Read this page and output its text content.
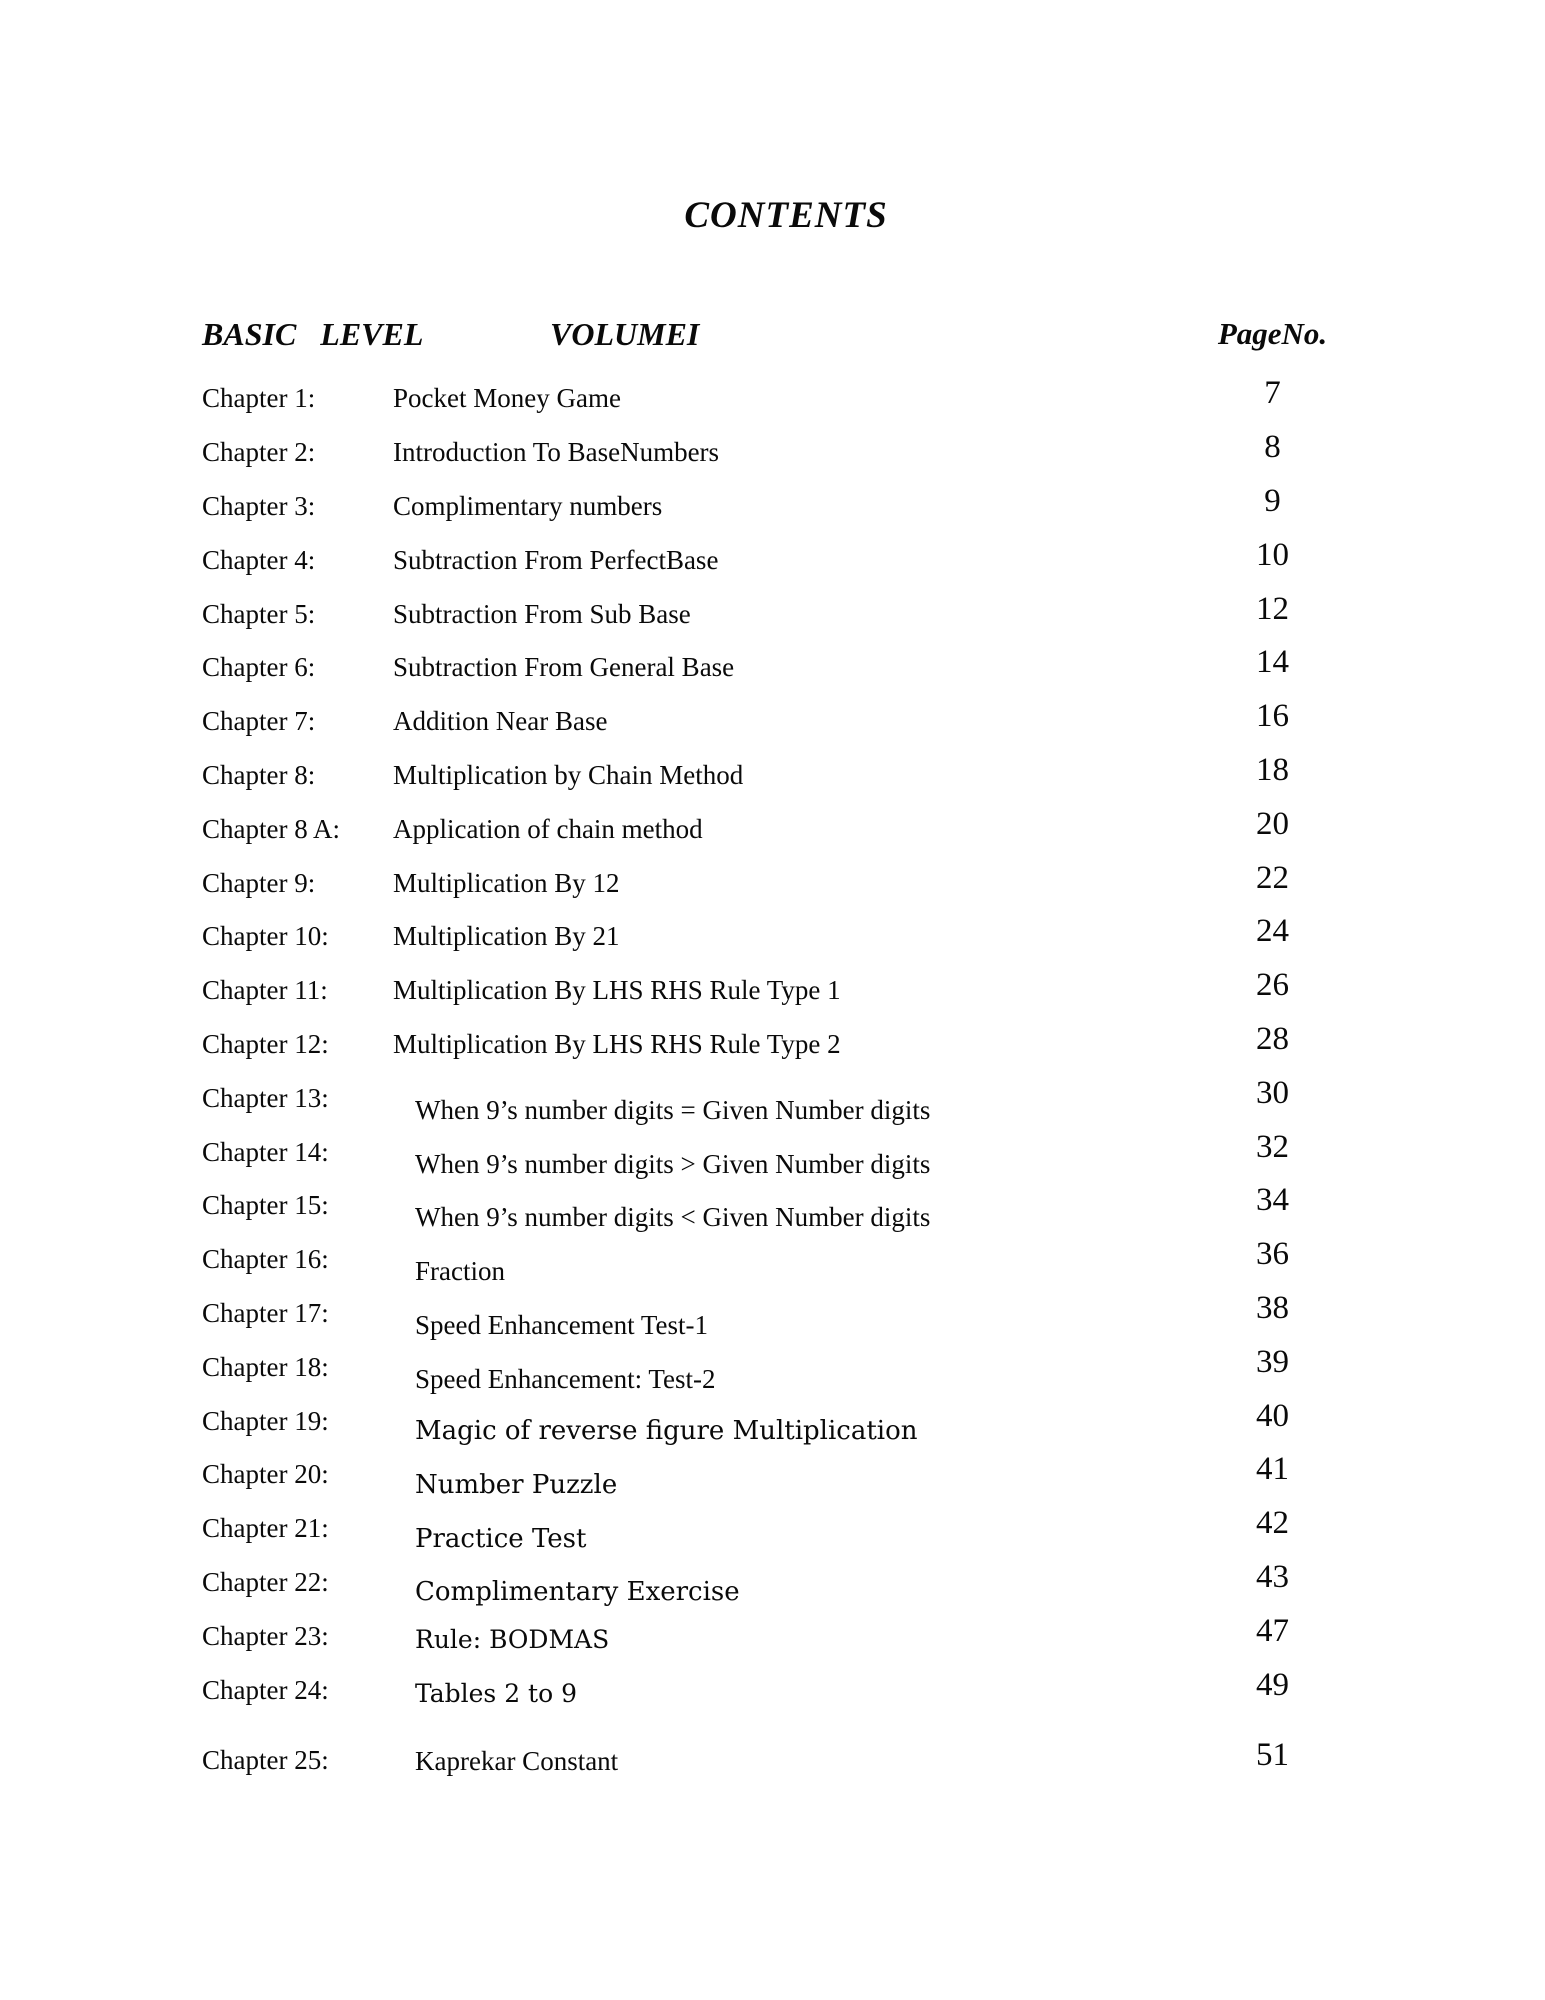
CONTENTS
BASIC   LEVEL	VOLUMEI	PageNo.
Chapter 1:	Pocket Money Game	7
Chapter 2:	Introduction To BaseNumbers	8
Chapter 3:	Complimentary numbers	9
Chapter 4:	Subtraction From PerfectBase	10
Chapter 5:	Subtraction From Sub Base	12
Chapter 6:	Subtraction From General Base	14
Chapter 7:	Addition Near Base	16
Chapter 8:	Multiplication by Chain Method	18
Chapter 8 A:	Application of chain method	20
Chapter 9:	Multiplication By 12	22
Chapter 10:	Multiplication By 21	24
Chapter 11:	Multiplication By LHS RHS Rule Type 1	26
Chapter 12:	Multiplication By LHS RHS Rule Type 2	28
Chapter 13:	When 9’s number digits = Given Number digits	30
Chapter 14:	When 9’s number digits > Given Number digits	32
Chapter 15:	When 9’s number digits < Given Number digits	34
Chapter 16:	Fraction	36
Chapter 17:	Speed Enhancement Test-1	38
Chapter 18:	Speed Enhancement: Test-2	39
Chapter 19:	Magic of reverse figure Multiplication	40
Chapter 20:	Number Puzzle	41
Chapter 21:	Practice Test	42
Chapter 22:	Complimentary Exercise	43
Chapter 23:	Rule: BODMAS	47
Chapter 24:	Tables 2 to 9	49
Chapter 25:	Kaprekar Constant	51
